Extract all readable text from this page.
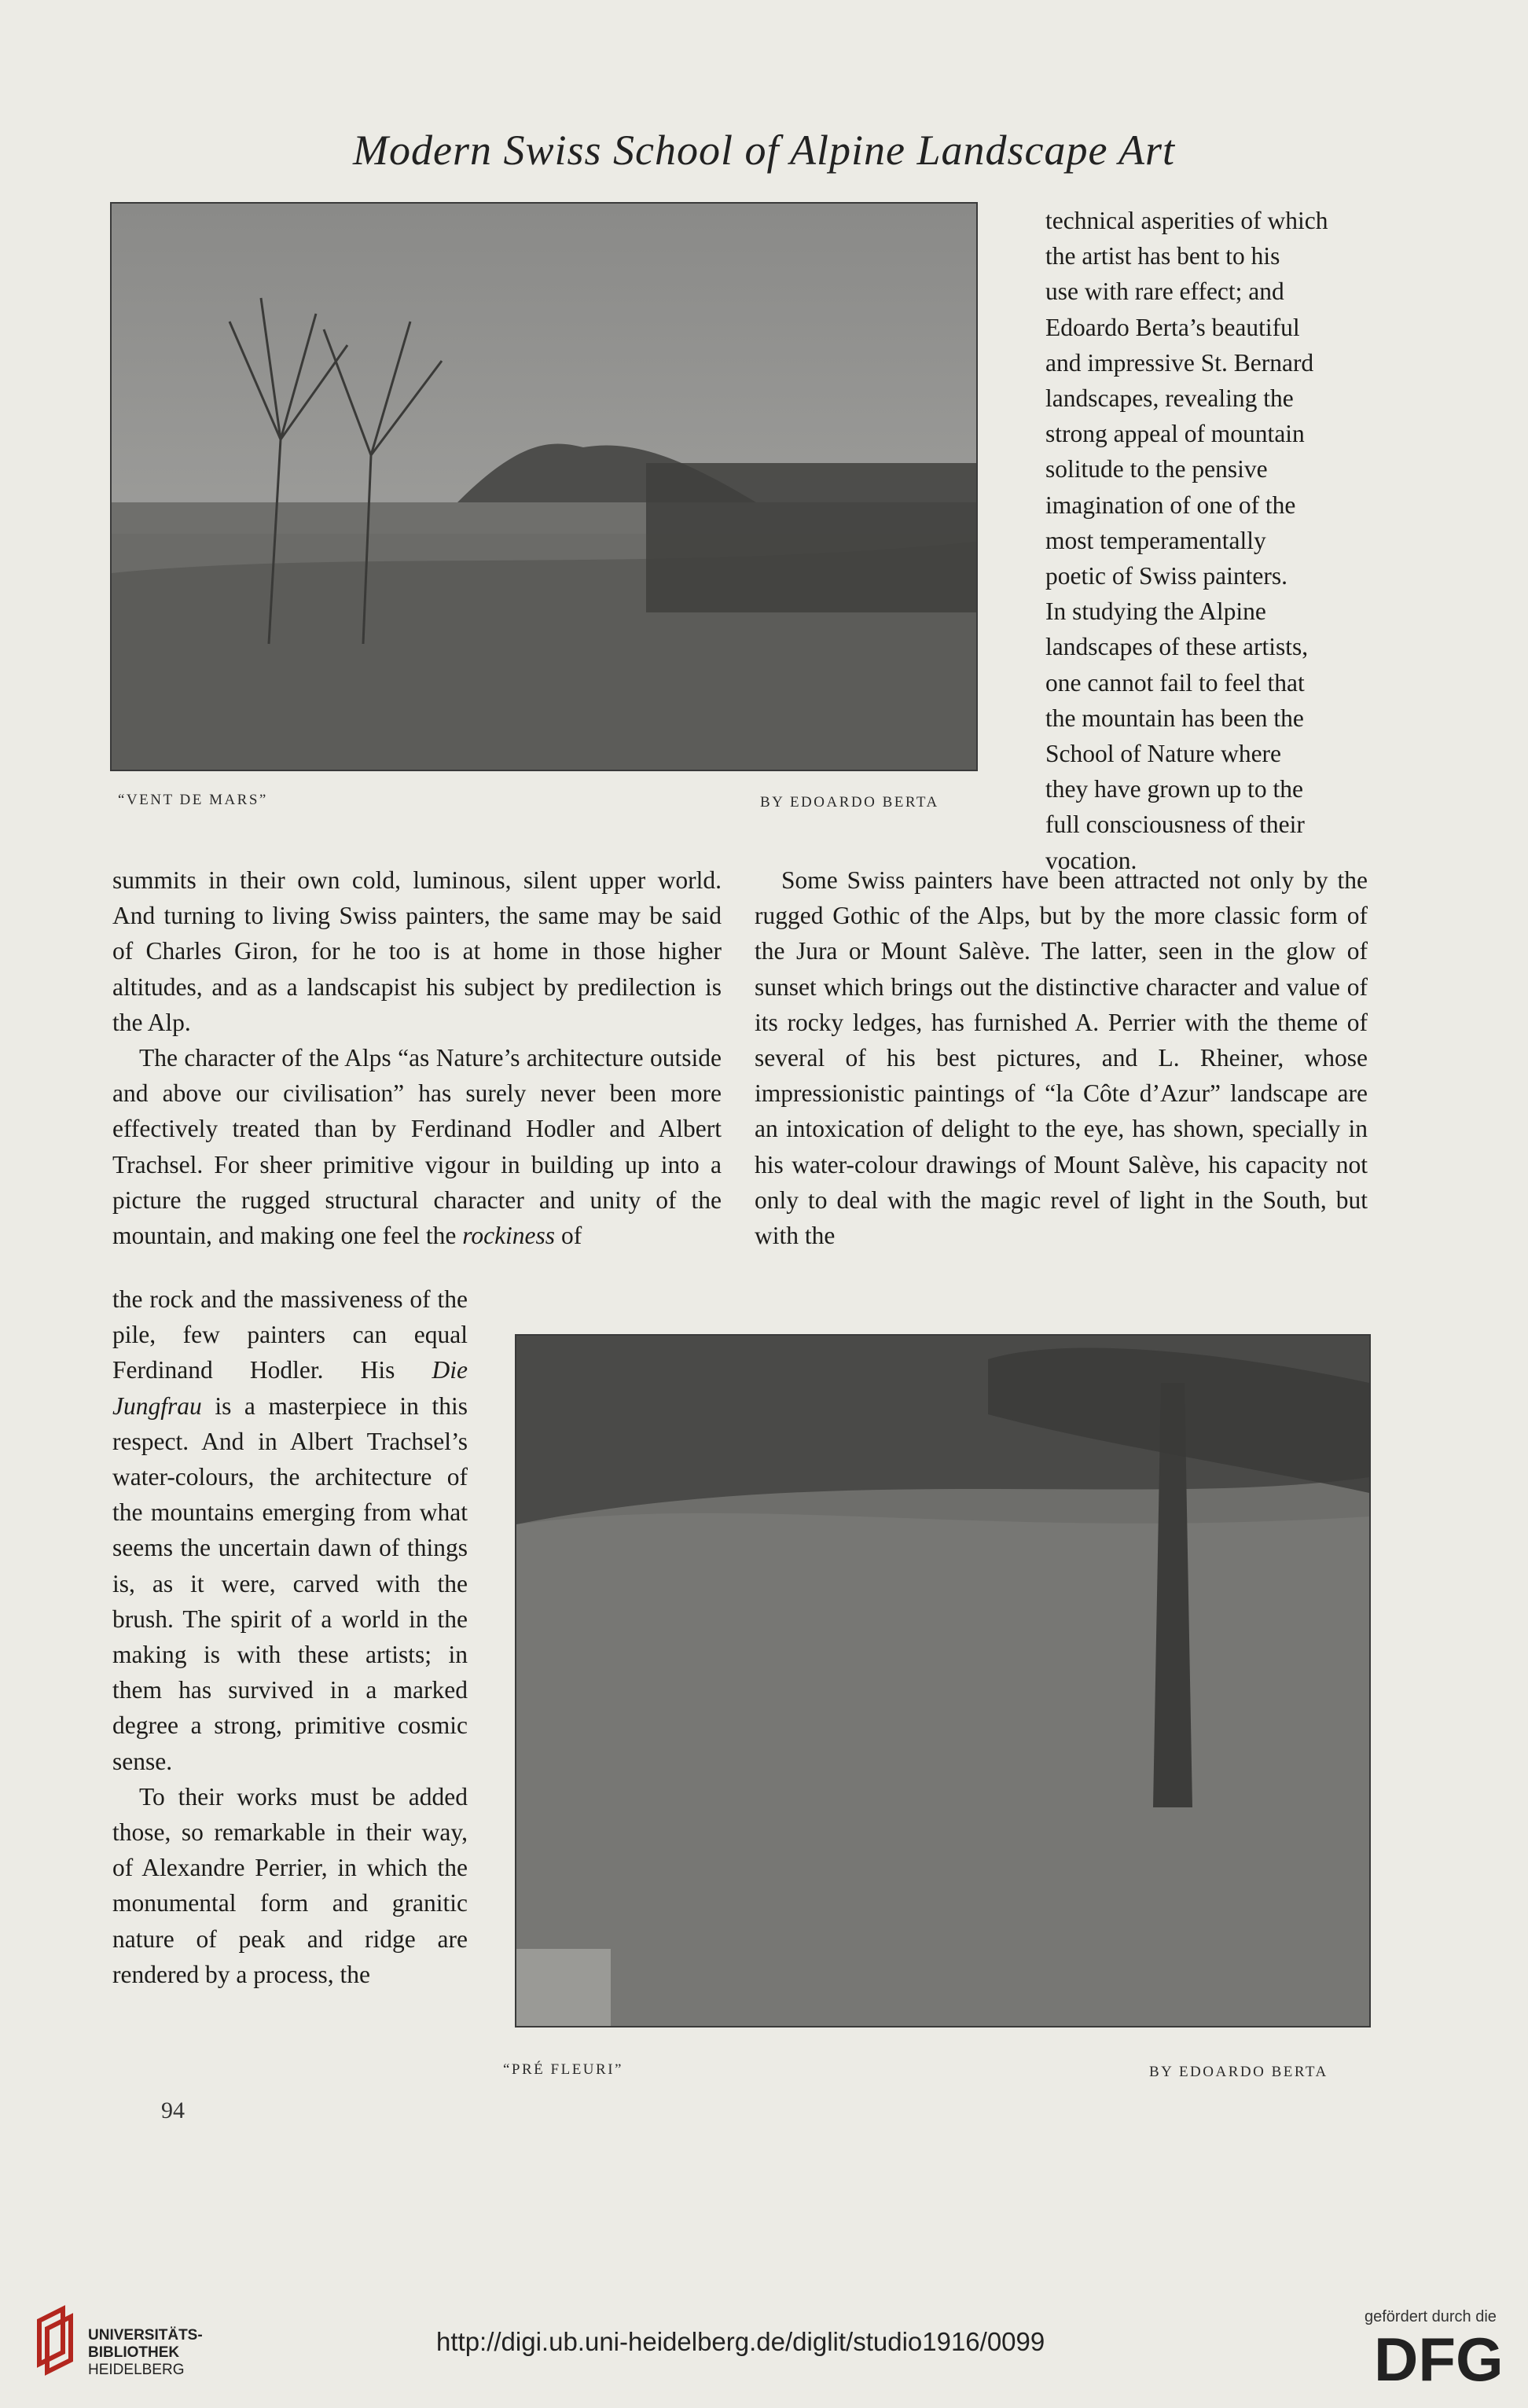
Modern Swiss School of Alpine Landscape Art
“VENT DE MARS”	BY EDOARDO BERTA
technical asperities of which
the artist has bent to his
use with rare effect; and
Edoardo Berta’s beautiful
and impressive St. Bernard
landscapes, revealing the
strong appeal of mountain
solitude to the pensive
imagination of one of the
most temperamentally
poetic of Swiss painters.
In studying the Alpine
landscapes of these artists,
one cannot fail to feel that
the mountain has been the
School of Nature where
they have grown up to the
full consciousness of their
vocation.

summits in their own cold, luminous, silent upper world. And turning to living Swiss painters, the same may be said of Charles Giron, for he too is at home in those higher altitudes, and as a landscapist his subject by predilection is the Alp.

The character of the Alps “as Nature’s architecture outside and above our civilisation” has surely never been more effectively treated than by Ferdinand Hodler and Albert Trachsel. For sheer primitive vigour in building up into a picture the rugged structural character and unity of the mountain, and making one feel the rockiness of

the rock and the massiveness of the pile, few painters can equal Ferdinand Hodler. His Die Jungfrau is a masterpiece in this respect. And in Albert Trachsel’s water-colours, the architecture of the mountains emerging from what seems the uncertain dawn of things is, as it were, carved with the brush. The spirit of a world in the making is with these artists; in them has survived in a marked degree a strong, primitive cosmic sense.

To their works must be added those, so remarkable in their way, of Alexandre Perrier, in which the monumental form and granitic nature of peak and ridge are rendered by a process, the

Some Swiss painters have been attracted not only by the rugged Gothic of the Alps, but by the more classic form of the Jura or Mount Salève. The latter, seen in the glow of sunset which brings out the distinctive character and value of its rocky ledges, has furnished A. Perrier with the theme of several of his best pictures, and L. Rheiner, whose impressionistic paintings of “la Côte d’Azur” landscape are an intoxication of delight to the eye, has shown, specially in his water-colour drawings of Mount Salève, his capacity not only to deal with the magic revel of light in the South, but with the

“PRÉ FLEURI”	BY EDOARDO BERTA
94
UNIVERSITÄTS-
BIBLIOTHEK
HEIDELBERG
http://digi.ub.uni-heidelberg.de/diglit/studio1916/0099
gefördert durch die
DFG
